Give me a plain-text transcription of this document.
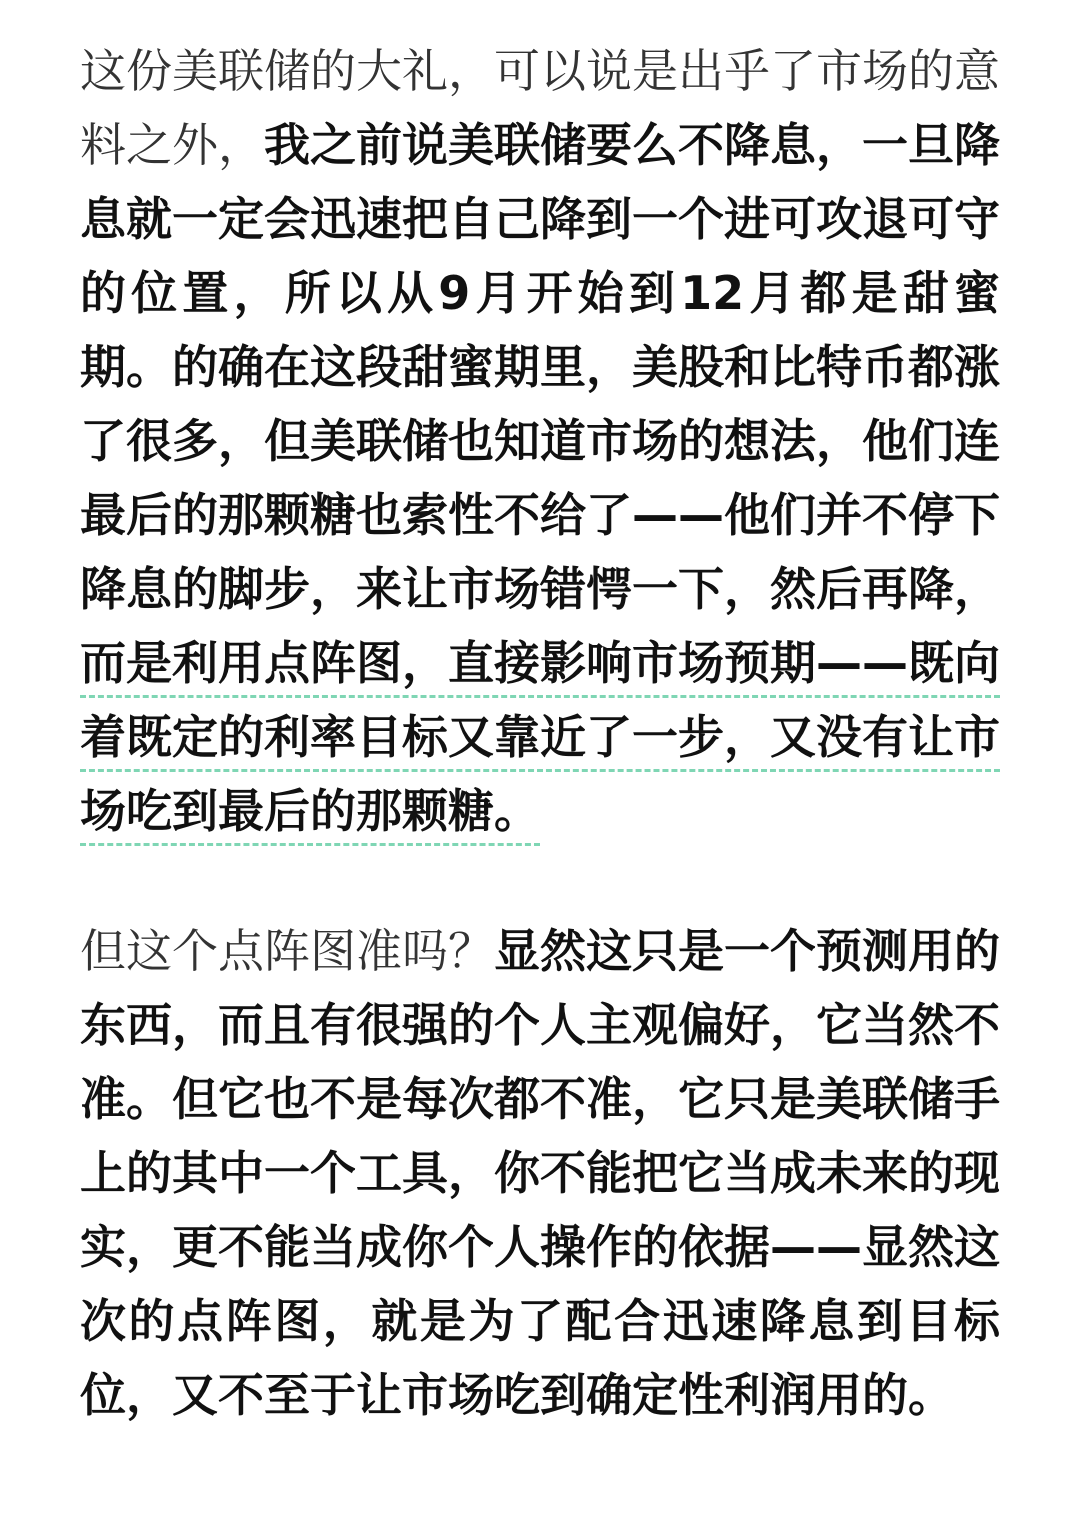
这份美联储的大礼，可以说是出乎了市场的意料之外，我之前说美联储要么不降息，一旦降息就一定会迅速把自己降到一个进可攻退可守的位置，所以从9月开始到12月都是甜蜜期。的确在这段甜蜜期里，美股和比特币都涨了很多，但美联储也知道市场的想法，他们连最后的那颗糖也索性不给了——他们并不停下降息的脚步，来让市场错愕一下，然后再降，而是利用点阵图，直接影响市场预期——既向着既定的利率目标又靠近了一步，又没有让市场吃到最后的那颗糖。

但这个点阵图准吗？显然这只是一个预测用的东西，而且有很强的个人主观偏好，它当然不准。但它也不是每次都不准，它只是美联储手上的其中一个工具，你不能把它当成未来的现实，更不能当成你个人操作的依据——显然这次的点阵图，就是为了配合迅速降息到目标位，又不至于让市场吃到确定性利润用的。
